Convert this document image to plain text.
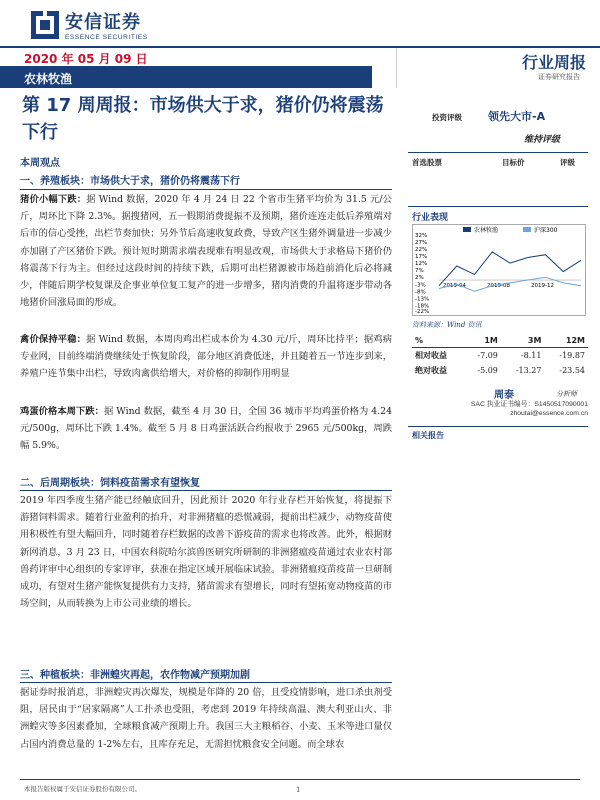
安信证券
ESSENCE SECURITIES
2020 年 05 月 09 日
农林牧渔
行业周报
证券研究报告
第 17 周周报：市场供大于求，猪价仍将震荡下行
投资评级 领先大市-A
维持评级
首选股票	目标价	评级
行业表现
32%
27%
22%
17%
12%
7%
2%
-3%
-8%
-13%
-18%
-22%
农林牧渔	沪深300
2019-04	2019-08	2019-12
资料来源：Wind 资讯
%	1M	3M	12M
相对收益	-7.09	-8.11	-19.87
绝对收益	-5.09	-13.27	-23.54
周泰	分析师
SAC 执业证书编号：S1450517090001
zhoutai@essence.com.cn
相关报告
本周观点
一、养殖板块：市场供大于求，猪价仍将震荡下行
猪价小幅下跌：据 Wind 数据，2020 年 4 月 24 日 22 个省市生猪平均价为 31.5 元/公斤，周环比下降 2.3%。据搜猪网，五一假期消费提振不及预期，猪价连连走低后养殖端对后市的信心受挫，出栏节奏加快；另外节后高速收复政费，导致产区生猪外调量进一步减少亦加剧了产区猪价下跌。预计短时期需求端表现难有明显改观，市场供大于求格局下猪价仍将震荡下行为主。但经过这段时间的持续下跌，后期可出栏猪源被市场趋前消化后必将减少，伴随后期学校复课及企事业单位复工复产的进一步增多，猪肉消费的升温将逐步带动各地猪价回涨局面的形成。
禽价保持平稳：据 Wind 数据，本周肉鸡出栏成本价为 4.30 元/斤，周环比持平；据鸡病专业网，目前终端消费继续处于恢复阶段，部分地区消费低迷，并且随着五一节连步到来，养殖户连节集中出栏，导致肉禽供给增大，对价格的抑制作用明显
鸡蛋价格本周下跌：据 Wind 数据，截至 4 月 30 日，全国 36 城市平均鸡蛋价格为 4.24 元/500g，周环比下跌 1.4%。截至 5 月 8 日鸡蛋活跃合约报收于 2965 元/500kg，周跌幅 5.9%。
二、后周期板块：饲料疫苗需求有望恢复
2019 年四季度生猪产能已经触底回升，因此预计 2020 年行业存栏开始恢复，将提振下游猪饲料需求。随着行业盈利的抬升，对非洲猪瘟的恐慌减弱，提前出栏减少，动物疫苗使用积极性有望大幅回升，同时随着存栏数据的改善下游疫苗的需求也将改善。此外，根据财新网消息，3 月 23 日，中国农科院哈尔滨兽医研究所研制的非洲猪瘟疫苗通过农业农村部兽药评审中心组织的专家评审，获准在指定区域开展临床试验。非洲猪瘟疫苗疫苗一旦研制成功，有望对生猪产能恢复提供有力支持，猪苗需求有望增长，同时有望拓宽动物疫苗的市场空间，从而转换为上市公司业绩的增长。
三、种植板块：非洲蝗灾再起，农作物减产预期加剧
据证券时报消息，非洲蝗灾再次爆发，规模是年降的 20 倍，且受疫情影响，进口杀虫剂受阻，居民由于“居家隔离”人工扑杀也受阻，考虑到 2019 年持续高温、澳大利亚山火、非洲蝗灾等多因素叠加，全球粮食减产预期上升。我国三大主粮稻谷、小麦、玉米等进口量仅占国内消费总量的 1-2%左右，且库存充足，无需担忧粮食安全问题。而全球农
本报告版权属于安信证券股份有限公司。	1
